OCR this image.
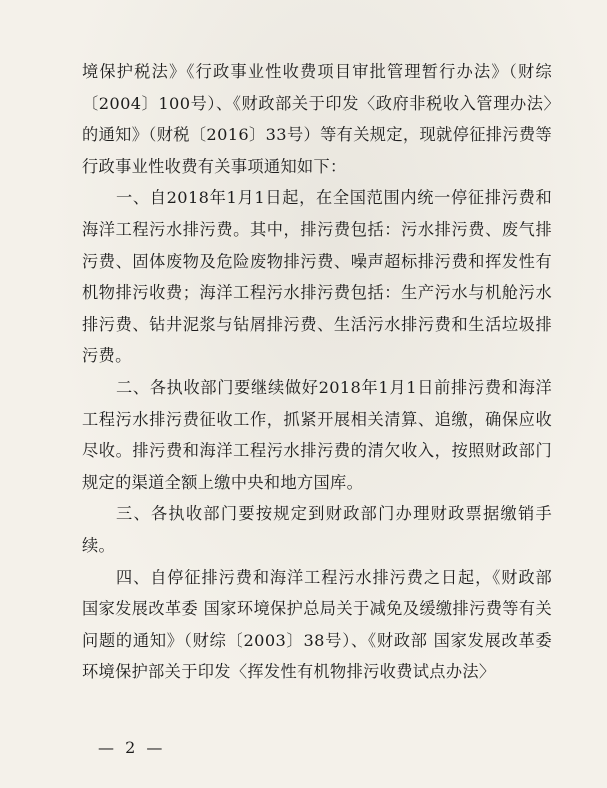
境保护税法》《行政事业性收费项目审批管理暂行办法》（财综〔2004〕100号）、《财政部关于印发〈政府非税收入管理办法〉的通知》（财税〔2016〕33号）等有关规定，现就停征排污费等行政事业性收费有关事项通知如下：

一、自2018年1月1日起，在全国范围内统一停征排污费和海洋工程污水排污费。其中，排污费包括：污水排污费、废气排污费、固体废物及危险废物排污费、噪声超标排污费和挥发性有机物排污收费；海洋工程污水排污费包括：生产污水与机舱污水排污费、钻井泥浆与钻屑排污费、生活污水排污费和生活垃圾排污费。

二、各执收部门要继续做好2018年1月1日前排污费和海洋工程污水排污费征收工作，抓紧开展相关清算、追缴，确保应收尽收。排污费和海洋工程污水排污费的清欠收入，按照财政部门规定的渠道全额上缴中央和地方国库。

三、各执收部门要按规定到财政部门办理财政票据缴销手续。

四、自停征排污费和海洋工程污水排污费之日起，《财政部 国家发展改革委 国家环境保护总局关于减免及缓缴排污费等有关问题的通知》（财综〔2003〕38号）、《财政部 国家发展改革委 环境保护部关于印发〈挥发性有机物排污收费试点办法〉

— 2 —
